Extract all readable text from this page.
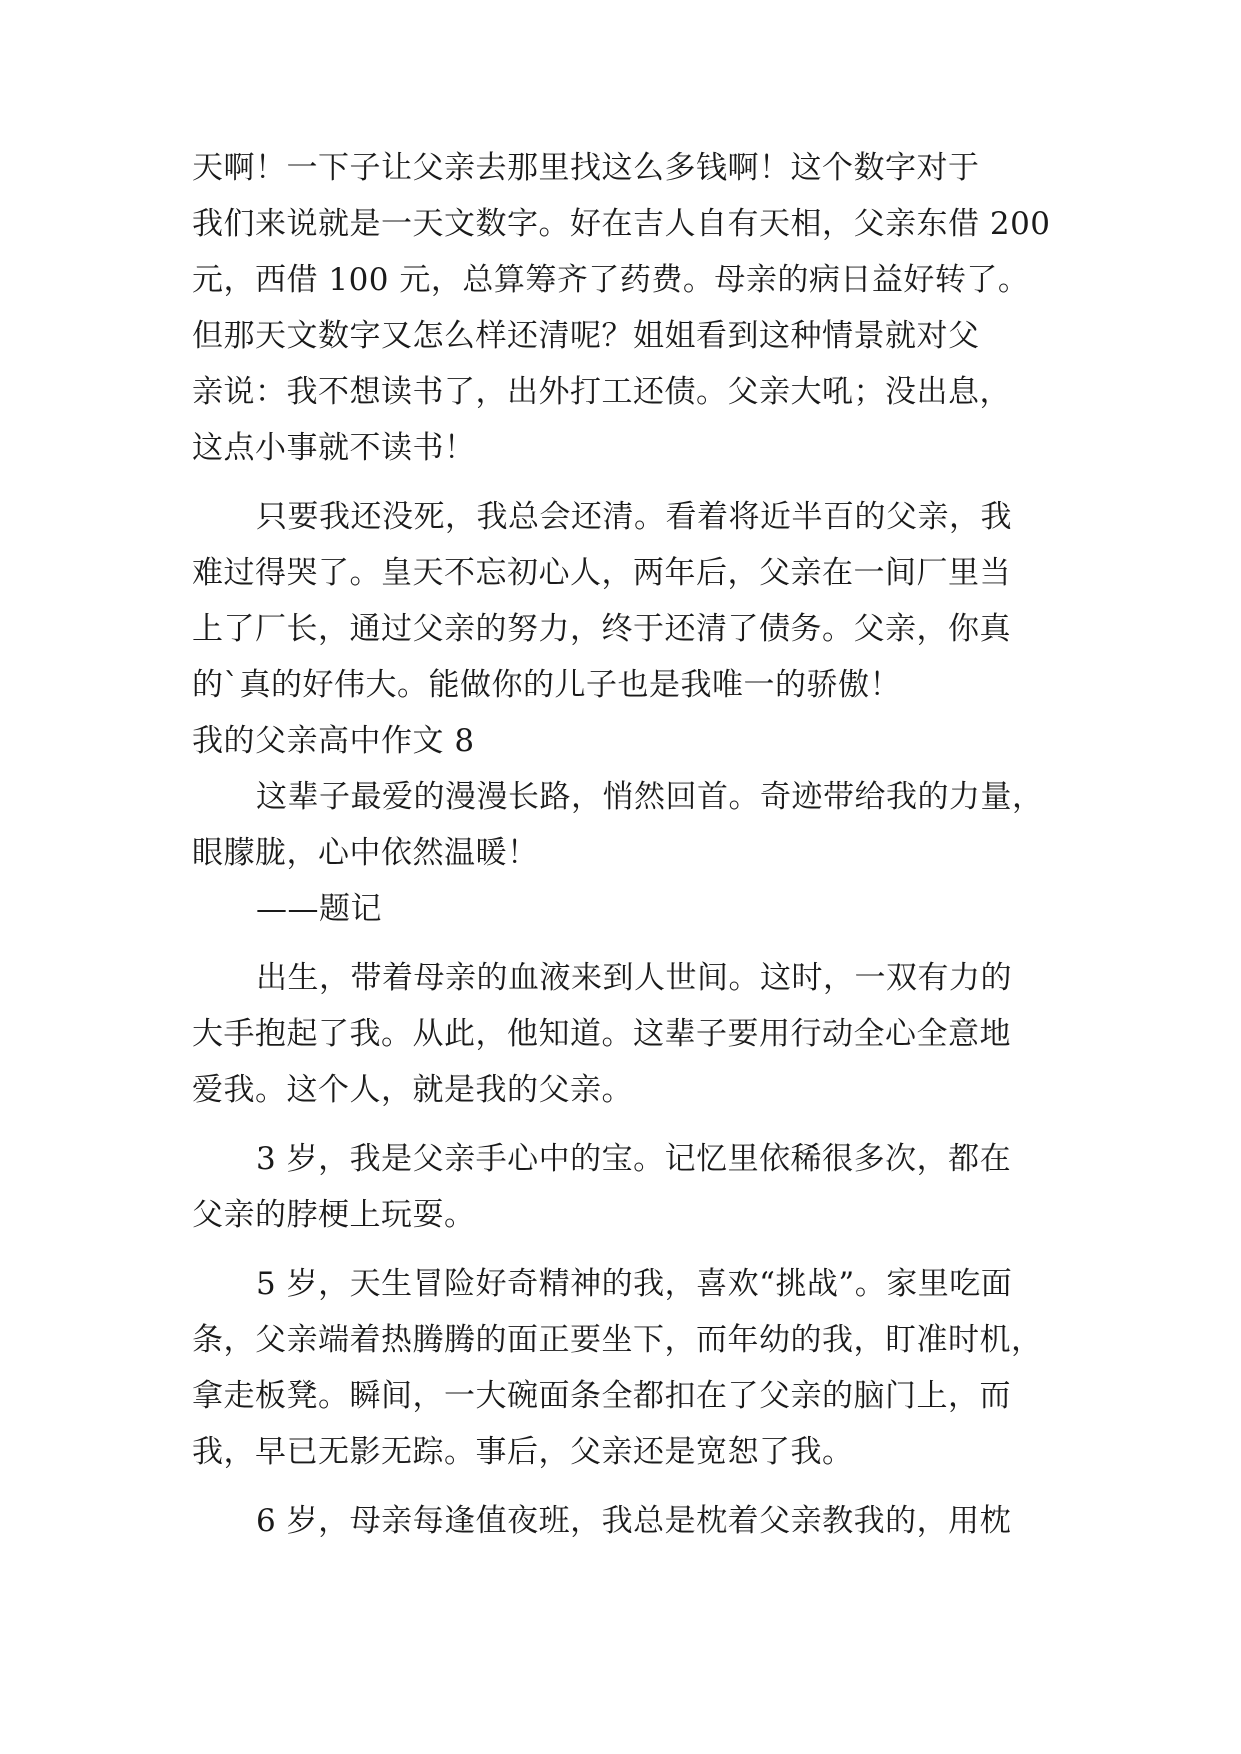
天啊！一下子让父亲去那里找这么多钱啊！这个数字对于
我们来说就是一天文数字。好在吉人自有天相，父亲东借 200
元，西借 100 元，总算筹齐了药费。母亲的病日益好转了。
但那天文数字又怎么样还清呢？姐姐看到这种情景就对父
亲说：我不想读书了，出外打工还债。父亲大吼；没出息，
这点小事就不读书！
只要我还没死，我总会还清。看着将近半百的父亲，我
难过得哭了。皇天不忘初心人，两年后，父亲在一间厂里当
上了厂长，通过父亲的努力，终于还清了债务。父亲，你真
的`真的好伟大。能做你的儿子也是我唯一的骄傲！
我的父亲高中作文 8
这辈子最爱的漫漫长路，悄然回首。奇迹带给我的力量，
眼朦胧，心中依然温暖！
——题记
出生，带着母亲的血液来到人世间。这时，一双有力的
大手抱起了我。从此，他知道。这辈子要用行动全心全意地
爱我。这个人，就是我的父亲。
3 岁，我是父亲手心中的宝。记忆里依稀很多次，都在
父亲的脖梗上玩耍。
5 岁，天生冒险好奇精神的我，喜欢“挑战”。家里吃面
条，父亲端着热腾腾的面正要坐下，而年幼的我，盯准时机，
拿走板凳。瞬间，一大碗面条全都扣在了父亲的脑门上，而
我，早已无影无踪。事后，父亲还是宽恕了我。
6 岁，母亲每逢值夜班，我总是枕着父亲教我的，用枕
